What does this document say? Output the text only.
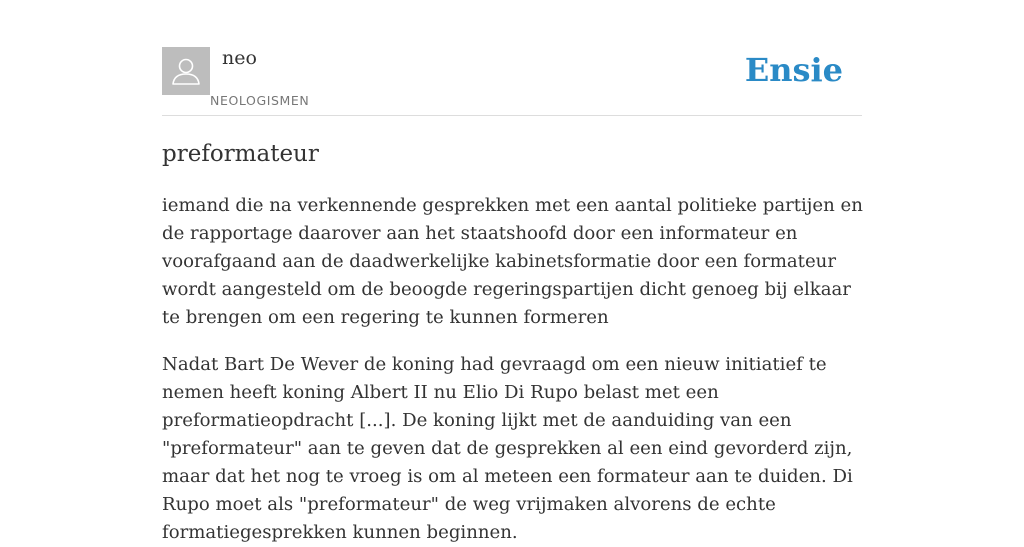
neo
NEOLOGISMEN
Ensie
preformateur

iemand die na verkennende gesprekken met een aantal politieke partijen en de rapportage daarover aan het staatshoofd door een informateur en voorafgaand aan de daadwerkelijke kabinetsformatie door een formateur wordt aangesteld om de beoogde regeringspartijen dicht genoeg bij elkaar te brengen om een regering te kunnen formeren

Nadat Bart De Wever de koning had gevraagd om een nieuw initiatief te nemen heeft koning Albert II nu Elio Di Rupo belast met een preformatieopdracht [...]. De koning lijkt met de aanduiding van een "preformateur" aan te geven dat de gesprekken al een eind gevorderd zijn, maar dat het nog te vroeg is om al meteen een formateur aan te duiden. Di Rupo moet als "preformateur" de weg vrijmaken alvorens de echte formatiegesprekken kunnen beginnen.
